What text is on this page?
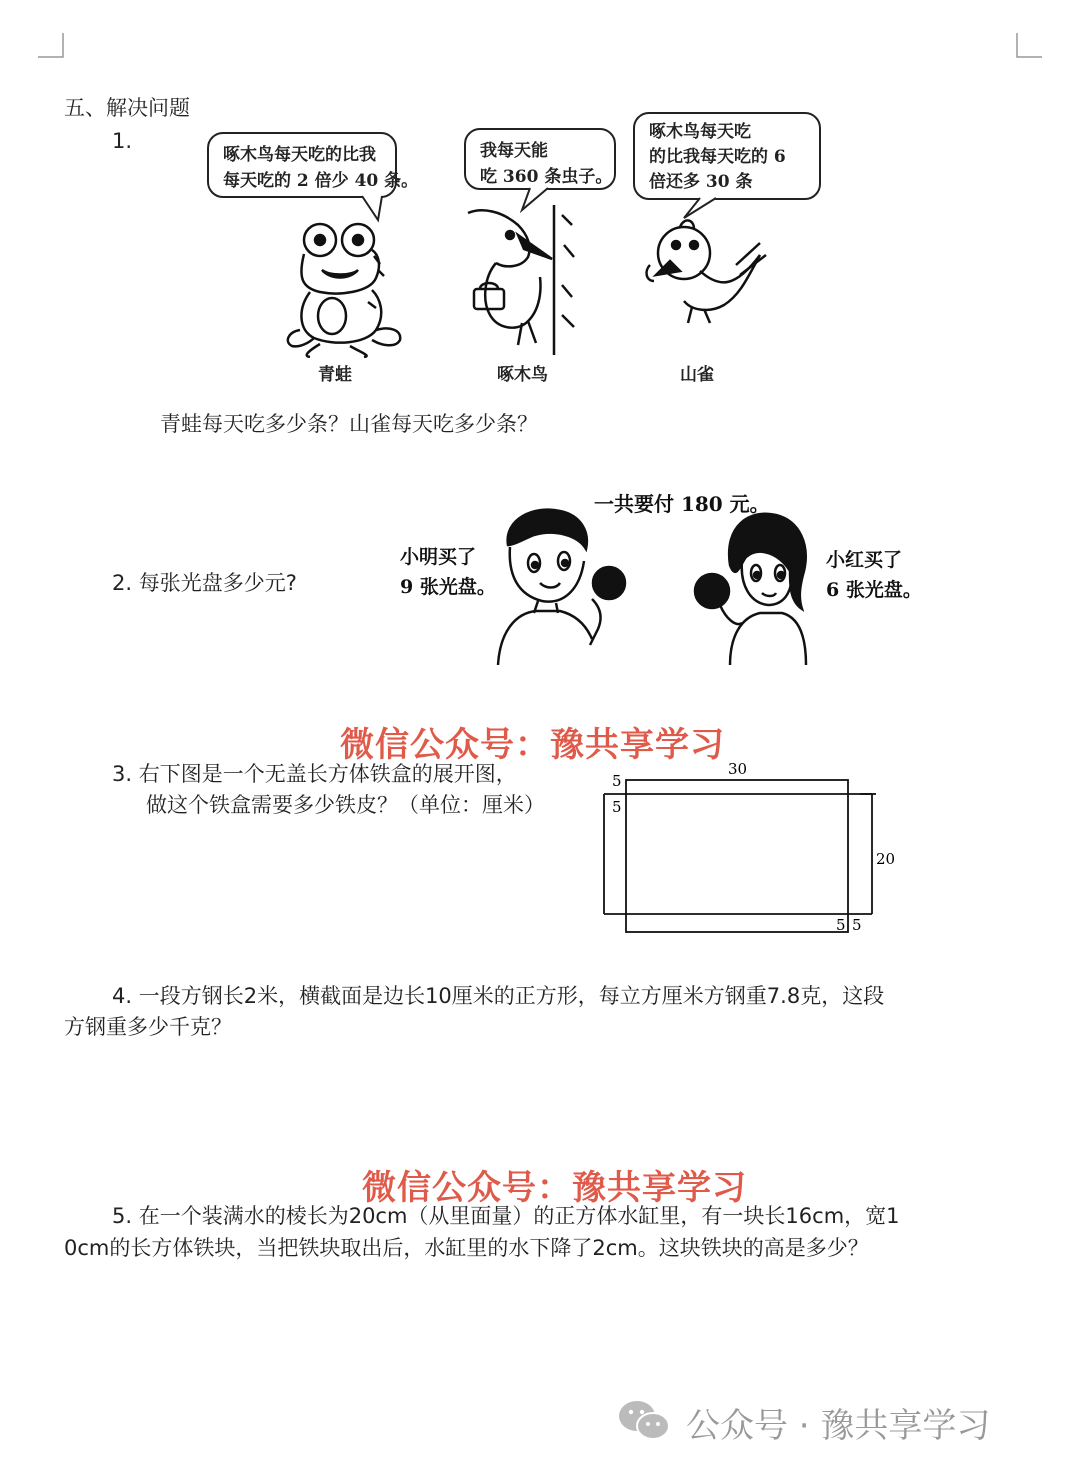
五、解决问题
1.
啄木鸟每天吃的比我
每天吃的 2 倍少 40 条。
我每天能
吃 360 条虫子。
啄木鸟每天吃
的比我每天吃的 6
倍还多 30 条
青蛙	啄木鸟	山雀
青蛙每天吃多少条？山雀每天吃多少条？
一共要付 180 元。
2. 每张光盘多少元?
小明买了
9 张光盘。
小红买了
6 张光盘。
微信公众号：豫共享学习
3. 右下图是一个无盖长方体铁盒的展开图，
做这个铁盒需要多少铁皮？（单位：厘米）
30
5
5
20
5 5
4. 一段方钢长2米，横截面是边长10厘米的正方形，每立方厘米方钢重7.8克，这段
方钢重多少千克？
微信公众号：豫共享学习
5. 在一个装满水的棱长为20cm（从里面量）的正方体水缸里，有一块长16cm，宽1
0cm的长方体铁块，当把铁块取出后，水缸里的水下降了2cm。这块铁块的高是多少？
公众号 · 豫共享学习
